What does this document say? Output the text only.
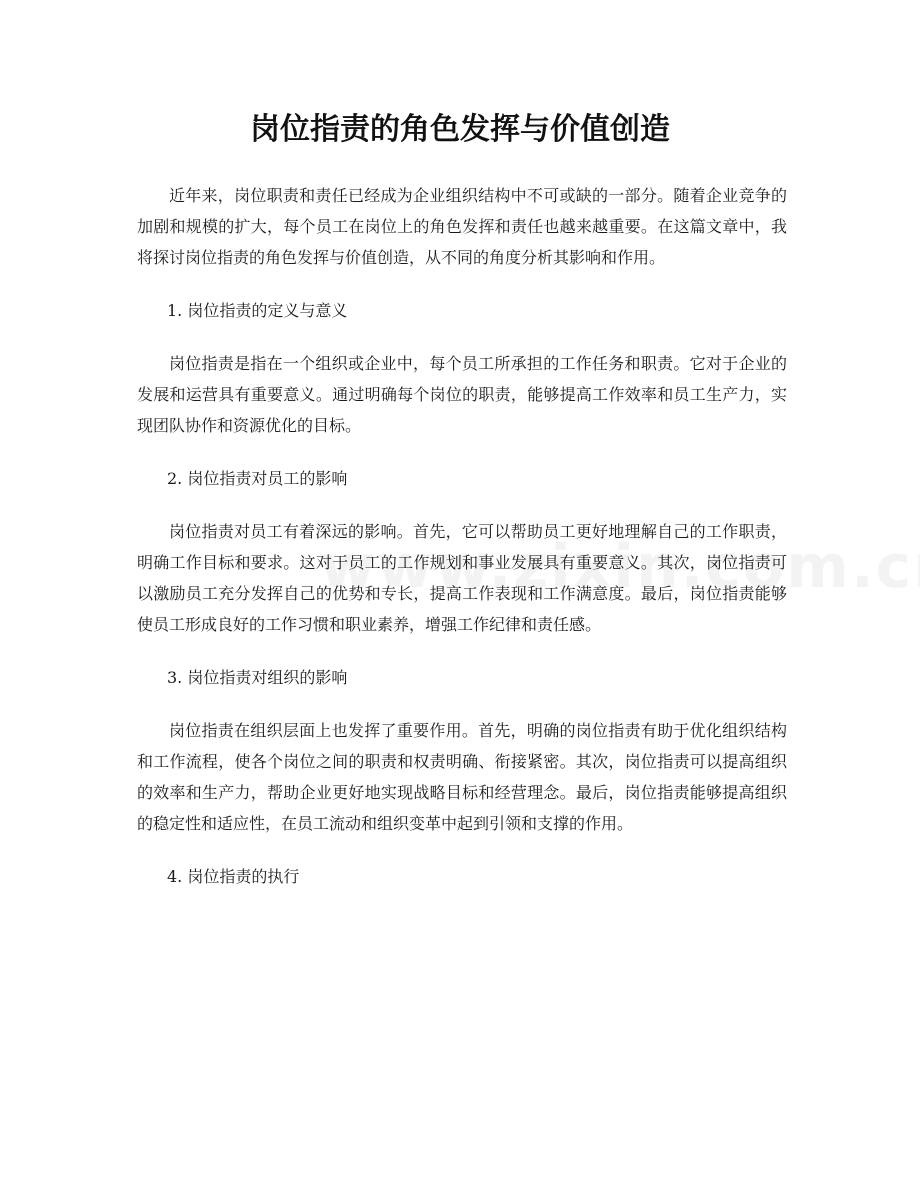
岗位指责的角色发挥与价值创造

近年来，岗位职责和责任已经成为企业组织结构中不可或缺的一部分。随着企业竞争的加剧和规模的扩大，每个员工在岗位上的角色发挥和责任也越来越重要。在这篇文章中，我将探讨岗位指责的角色发挥与价值创造，从不同的角度分析其影响和作用。

1. 岗位指责的定义与意义

岗位指责是指在一个组织或企业中，每个员工所承担的工作任务和职责。它对于企业的发展和运营具有重要意义。通过明确每个岗位的职责，能够提高工作效率和员工生产力，实现团队协作和资源优化的目标。

2. 岗位指责对员工的影响

岗位指责对员工有着深远的影响。首先，它可以帮助员工更好地理解自己的工作职责，明确工作目标和要求。这对于员工的工作规划和事业发展具有重要意义。其次，岗位指责可以激励员工充分发挥自己的优势和专长，提高工作表现和工作满意度。最后，岗位指责能够使员工形成良好的工作习惯和职业素养，增强工作纪律和责任感。

3. 岗位指责对组织的影响

岗位指责在组织层面上也发挥了重要作用。首先，明确的岗位指责有助于优化组织结构和工作流程，使各个岗位之间的职责和权责明确、衔接紧密。其次，岗位指责可以提高组织的效率和生产力，帮助企业更好地实现战略目标和经营理念。最后，岗位指责能够提高组织的稳定性和适应性，在员工流动和组织变革中起到引领和支撑的作用。

4. 岗位指责的执行
